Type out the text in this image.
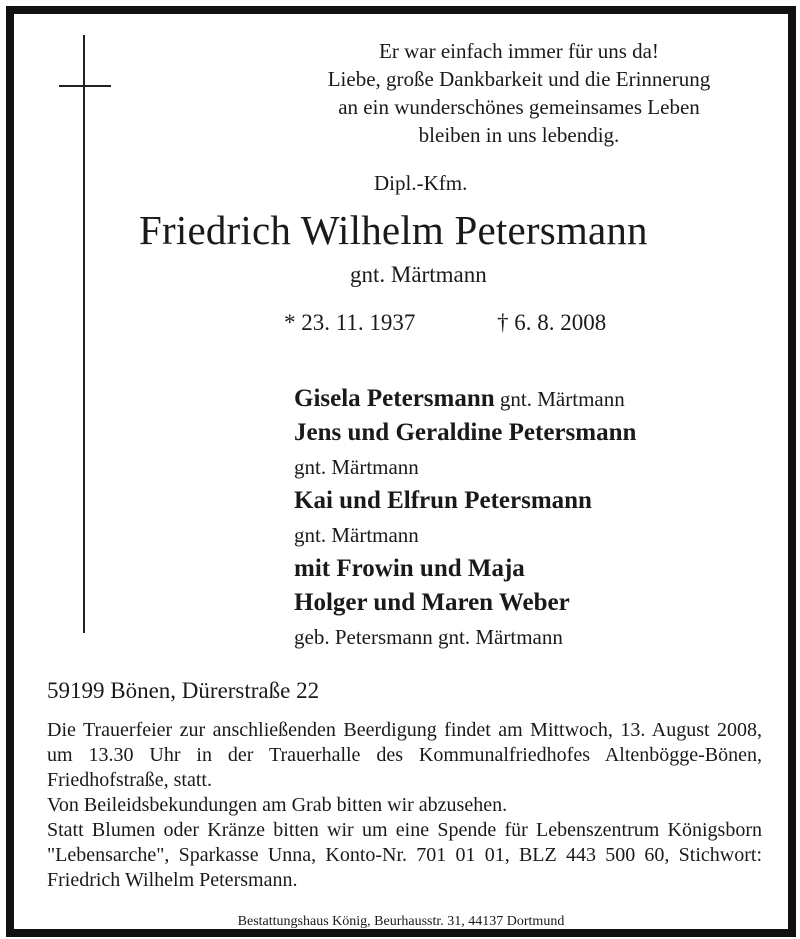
Er war einfach immer für uns da!
Liebe, große Dankbarkeit und die Erinnerung
an ein wunderschönes gemeinsames Leben
bleiben in uns lebendig.
Dipl.-Kfm.
Friedrich Wilhelm Petersmann
gnt. Märtmann
* 23. 11. 1937	† 6. 8. 2008
Gisela Petersmann gnt. Märtmann
Jens und Geraldine Petersmann
gnt. Märtmann
Kai und Elfrun Petersmann
gnt. Märtmann
mit Frowin und Maja
Holger und Maren Weber
geb. Petersmann gnt. Märtmann
59199 Bönen, Dürerstraße 22

Die Trauerfeier zur anschließenden Beerdigung findet am Mittwoch, 13. August 2008, um 13.30 Uhr in der Trauerhalle des Kommunalfriedhofes Altenbögge-Bönen, Friedhofstraße, statt.

Von Beileidsbekundungen am Grab bitten wir abzusehen.

Statt Blumen oder Kränze bitten wir um eine Spende für Lebenszentrum Königsborn "Lebensarche", Sparkasse Unna, Konto-Nr. 701 01 01, BLZ 443 500 60, Stichwort: Friedrich Wilhelm Petersmann.

Bestattungshaus König, Beurhausstr. 31, 44137 Dortmund
